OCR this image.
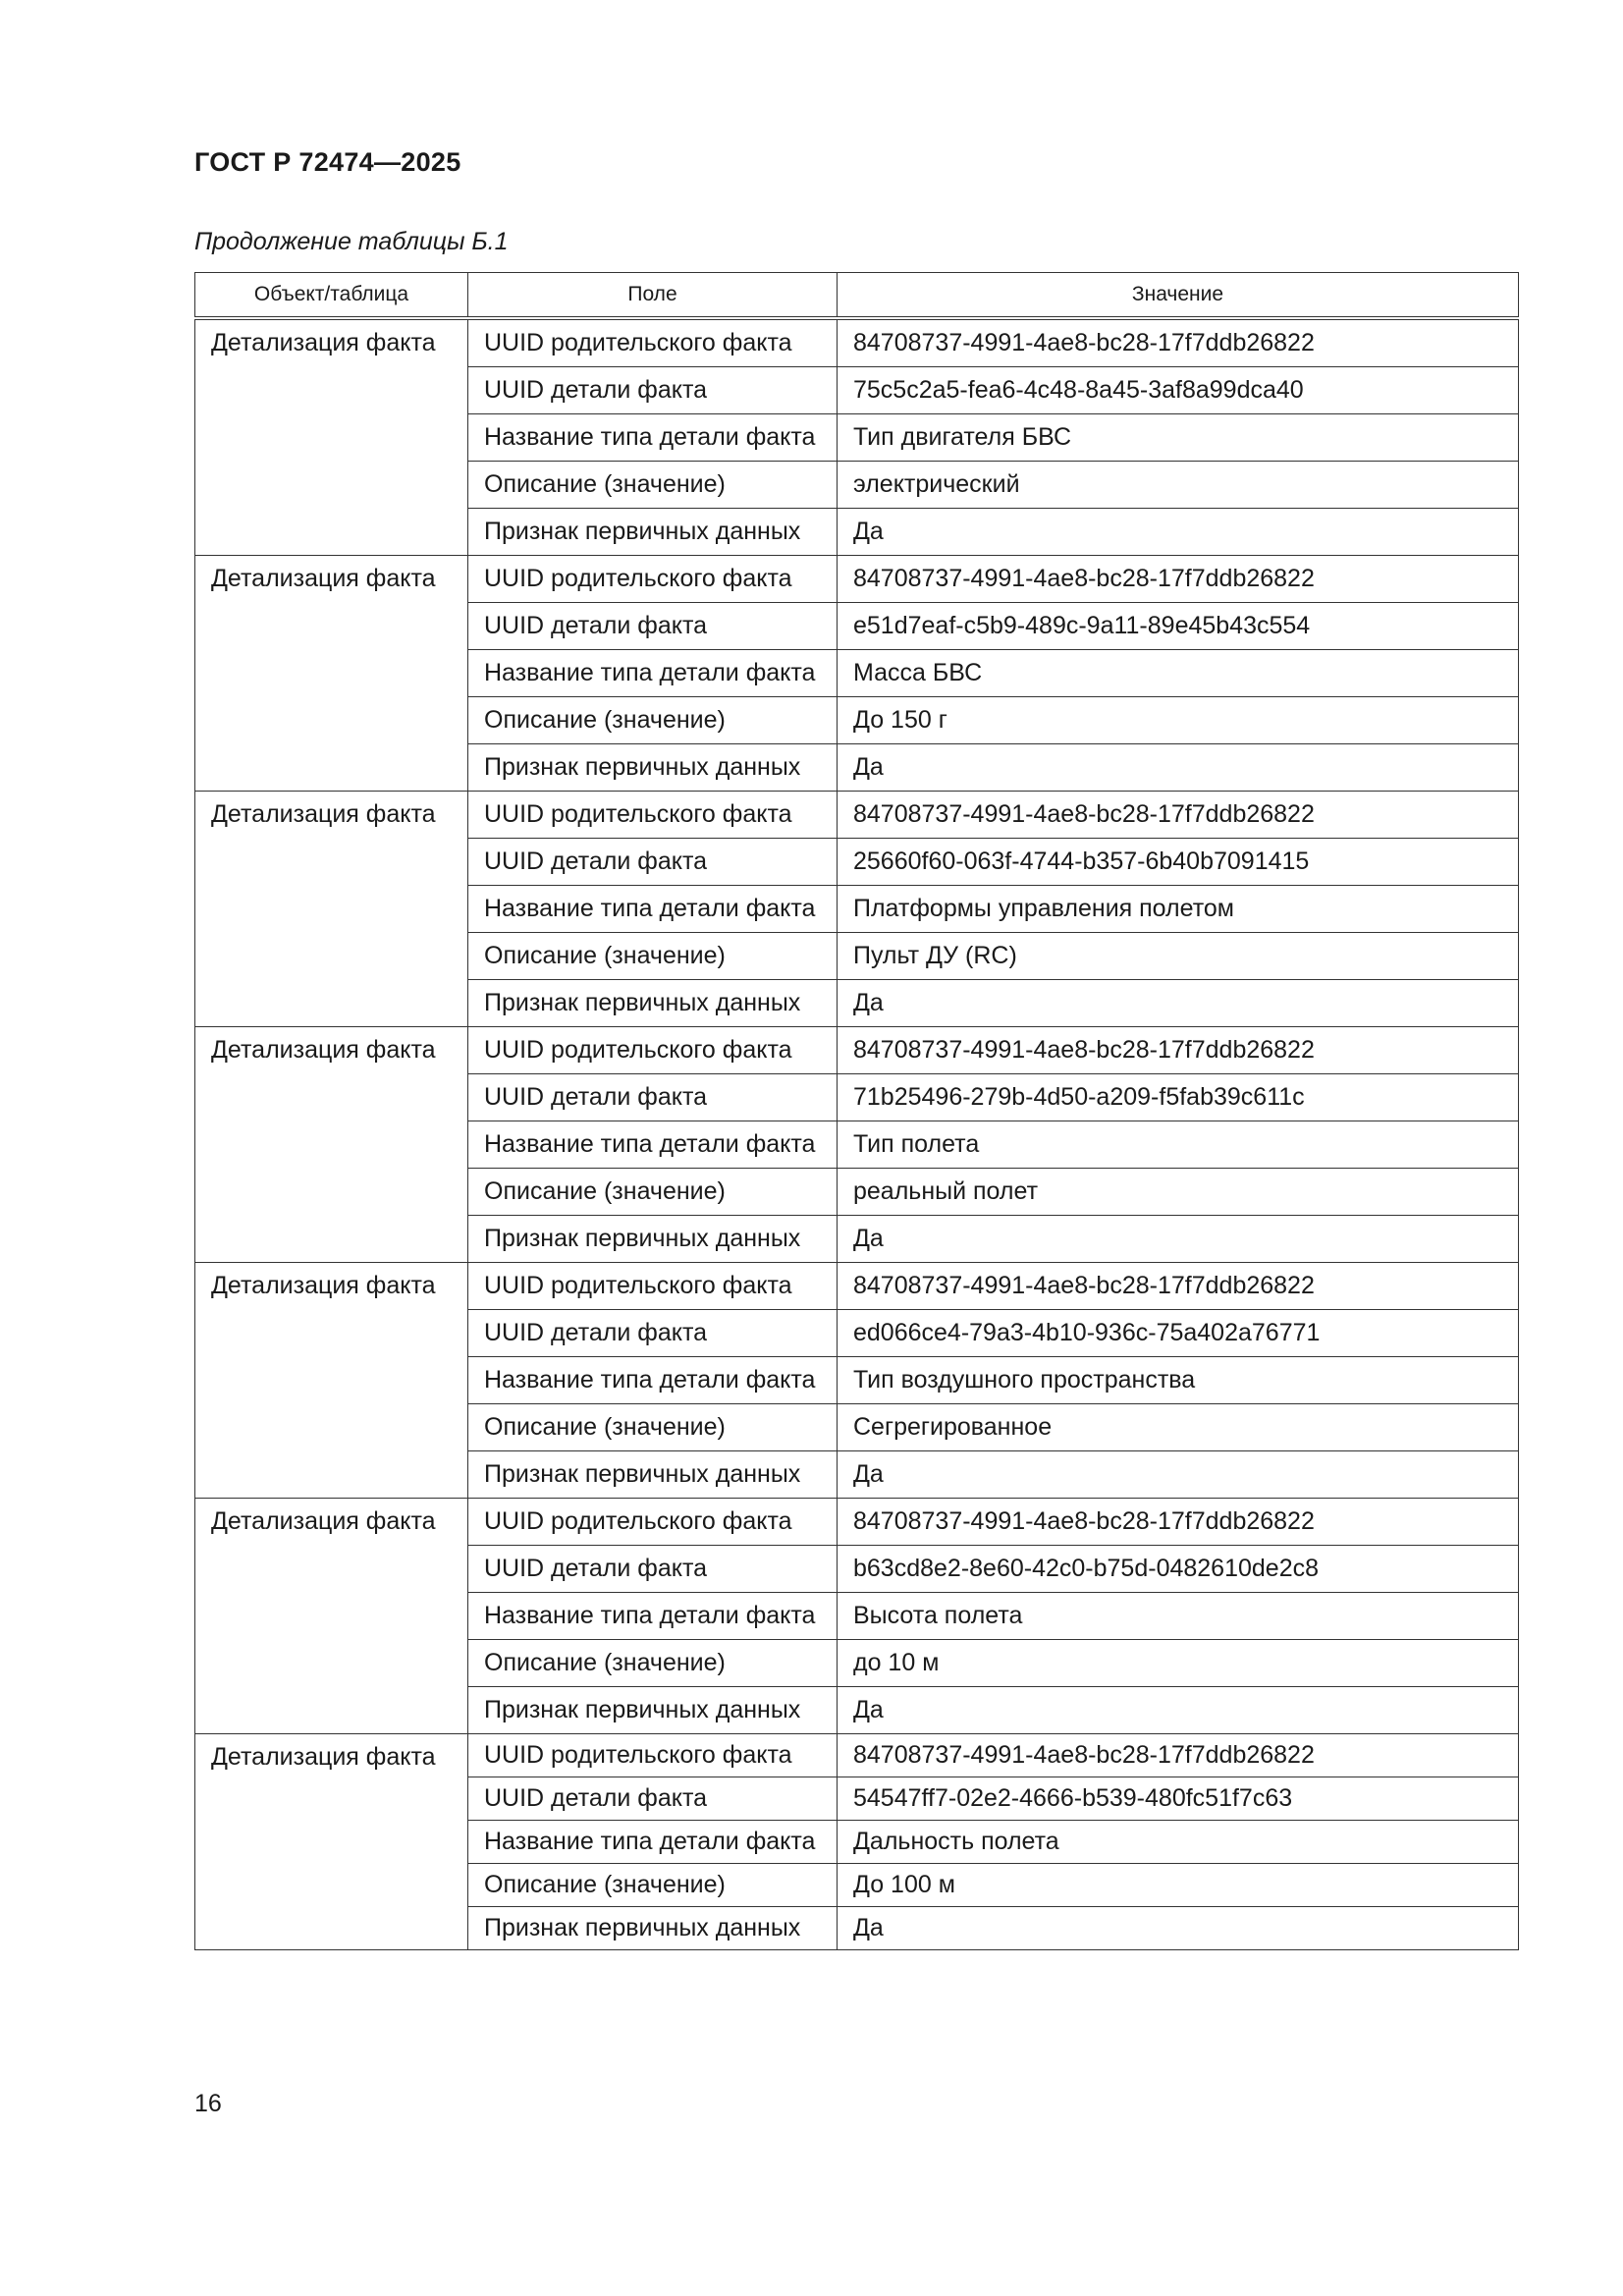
ГОСТ Р 72474—2025
Продолжение таблицы Б.1
Объект/таблица	Поле	Значение
Детализация факта	UUID родительского факта	84708737-4991-4ae8-bc28-17f7ddb26822
	UUID детали факта	75c5c2a5-fea6-4c48-8a45-3af8a99dca40
	Название типа детали факта	Тип двигателя БВС
	Описание (значение)	электрический
	Признак первичных данных	Да
Детализация факта	UUID родительского факта	84708737-4991-4ae8-bc28-17f7ddb26822
	UUID детали факта	e51d7eaf-c5b9-489c-9a11-89e45b43c554
	Название типа детали факта	Масса БВС
	Описание (значение)	До 150 г
	Признак первичных данных	Да
Детализация факта	UUID родительского факта	84708737-4991-4ae8-bc28-17f7ddb26822
	UUID детали факта	25660f60-063f-4744-b357-6b40b7091415
	Название типа детали факта	Платформы управления полетом
	Описание (значение)	Пульт ДУ (RC)
	Признак первичных данных	Да
Детализация факта	UUID родительского факта	84708737-4991-4ae8-bc28-17f7ddb26822
	UUID детали факта	71b25496-279b-4d50-a209-f5fab39c611c
	Название типа детали факта	Тип полета
	Описание (значение)	реальный полет
	Признак первичных данных	Да
Детализация факта	UUID родительского факта	84708737-4991-4ae8-bc28-17f7ddb26822
	UUID детали факта	ed066ce4-79a3-4b10-936c-75a402a76771
	Название типа детали факта	Тип воздушного пространства
	Описание (значение)	Сегрегированное
	Признак первичных данных	Да
Детализация факта	UUID родительского факта	84708737-4991-4ae8-bc28-17f7ddb26822
	UUID детали факта	b63cd8e2-8e60-42c0-b75d-0482610de2c8
	Название типа детали факта	Высота полета
	Описание (значение)	до 10 м
	Признак первичных данных	Да
Детализация факта	UUID родительского факта	84708737-4991-4ae8-bc28-17f7ddb26822
	UUID детали факта	54547ff7-02e2-4666-b539-480fc51f7c63
	Название типа детали факта	Дальность полета
	Описание (значение)	До 100 м
	Признак первичных данных	Да
16
